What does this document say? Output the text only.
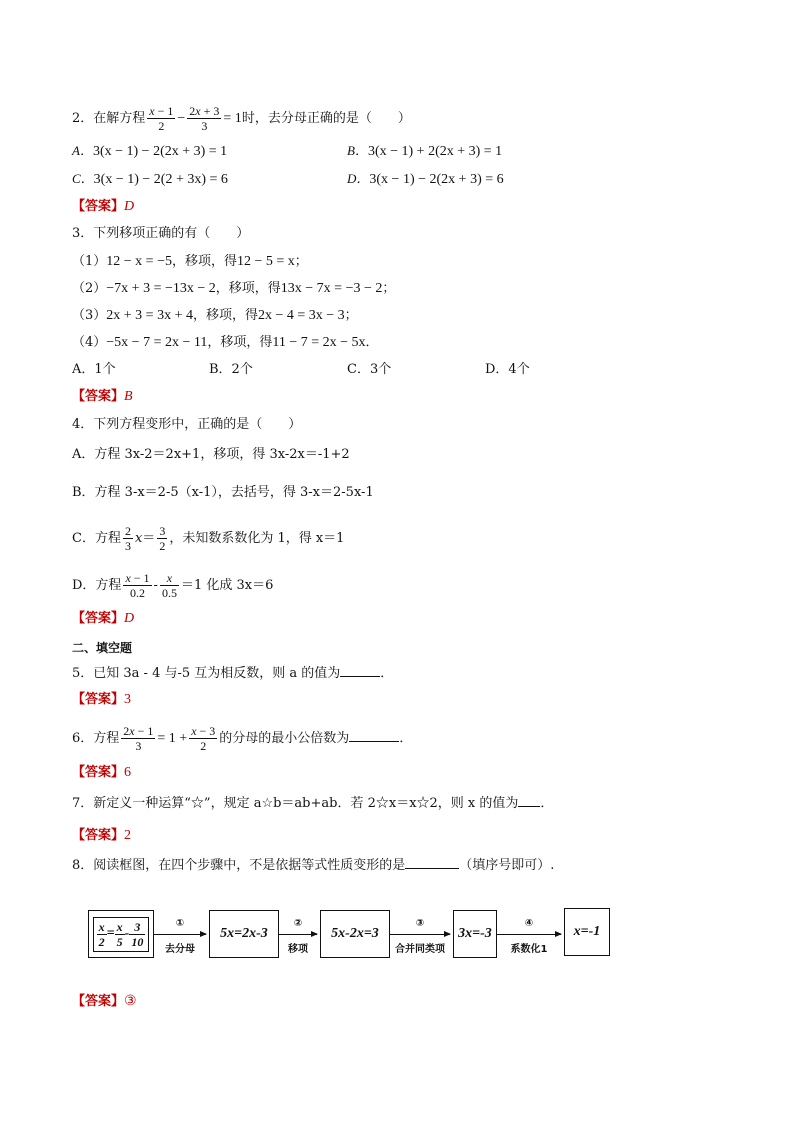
2．在解方程 $\frac{x - 1}{2} - \frac{2x + 3}{3} = 1$时，去分母正确的是（　　）
A．3(x − 1) − 2(2x + 3) = 1	B．3(x − 1) + 2(2x + 3) = 1
C．3(x − 1) − 2(2 + 3x) = 6	D．3(x − 1) − 2(2x + 3) = 6
【答案】D
3．下列移项正确的有（　　）
（1）12 − x = −5，移项，得12 − 5 = x；
（2）−7x + 3 = −13x − 2，移项，得13x − 7x = −3 − 2；
（3）2x + 3 = 3x + 4，移项，得2x − 4 = 3x − 3；
（4）−5x − 7 = 2x − 11，移项，得11 − 7 = 2x − 5x．
A．1个	B．2个	C．3个	D．4个
【答案】B
4．下列方程变形中，正确的是（　　）
A．方程 3x-2＝2x+1，移项，得 3x-2x＝-1+2
B．方程 3-x＝2-5（x-1），去括号，得 3-x＝2-5x-1
C．方程 $\frac{2}{3} x= \frac{3}{2}$ ，未知数系数化为 1，得 x＝1
D．方程 $\frac{x - 1}{0.2} - \frac{x}{0.5} =1$ 化成 3x＝6
【答案】D
二、填空题
5．已知 3a - 4 与-5 互为相反数，则 a 的值为	．
【答案】3
6．方程 $\frac{2x - 1}{3} = 1 + \frac{x - 3}{2}$ 的分母的最小公倍数为	．
【答案】6
7．新定义一种运算“☆”，规定 a☆b＝ab+ab．若 2☆x＝x☆2，则 x 的值为 ．
【答案】2
8．阅读框图，在四个步骤中，不是依据等式性质变形的是	（填序号即可）.
$\frac{x}{2} = \frac{x}{5} - \frac{3}{10}$	①
去分母
5x=2x-3
②
移项
5x-2x=3
③
合并同类项
3x=-3
④
系数化1
x=-1
【答案】③
